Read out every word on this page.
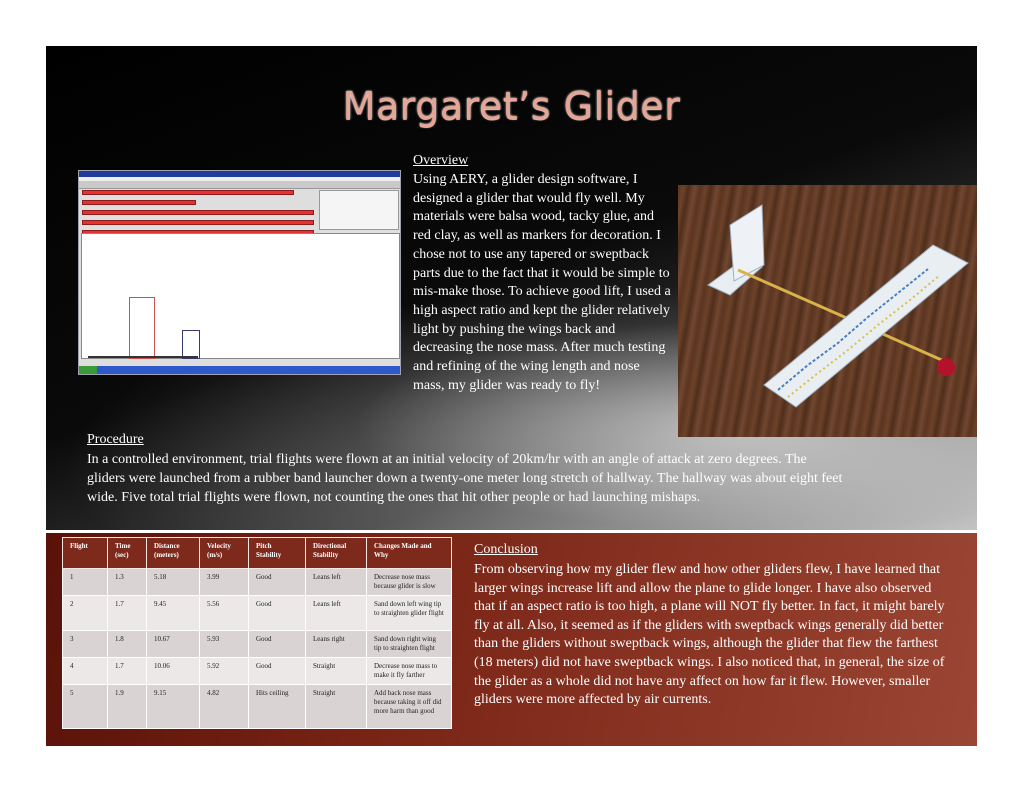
Margaret’s Glider
Overview
Using AERY, a glider design software, I designed a glider that would fly well. My materials were balsa wood, tacky glue, and red clay, as well as markers for decoration. I chose not to use any tapered or sweptback parts due to the fact that it would be simple to mis-make those. To achieve good lift, I used a high aspect ratio and kept the glider relatively light by pushing the wings back and decreasing the nose mass. After much testing and refining of the wing length and nose mass, my glider was ready to fly!
Procedure
In a controlled environment, trial flights were flown at an initial velocity of 20km/hr with an angle of attack at zero degrees. The gliders were launched from a rubber band launcher down a twenty-one meter long stretch of hallway. The hallway was about eight feet wide. Five total trial flights were flown, not counting the ones that hit other people or had launching mishaps.
Flight	Time (sec)	Distance (meters)	Velocity (m/s)	Pitch Stability	Directional Stability	Changes Made and Why
1	1.3	5.18	3.99	Good	Leans left	Decrease nose mass because glider is slow
2	1.7	9.45	5.56	Good	Leans left	Sand down left wing tip to straighten glider flight
3	1.8	10.67	5.93	Good	Leans right	Sand down right wing tip to straighten flight
4	1.7	10.06	5.92	Good	Straight	Decrease nose mass to make it fly farther
5	1.9	9.15	4.82	Hits ceiling	Straight	Add back nose mass because taking it off did more harm than good
Conclusion
From observing how my glider flew and how other gliders flew, I have learned that larger wings increase lift and allow the plane to glide longer. I have also observed that if an aspect ratio is too high, a plane will NOT fly better. In fact, it might barely fly at all. Also, it seemed as if the gliders with sweptback wings generally did better than the gliders without sweptback wings, although the glider that flew the farthest (18 meters) did not have sweptback wings. I also noticed that, in general, the size of the glider as a whole did not have any affect on how far it flew. However, smaller gliders were more affected by air currents.
